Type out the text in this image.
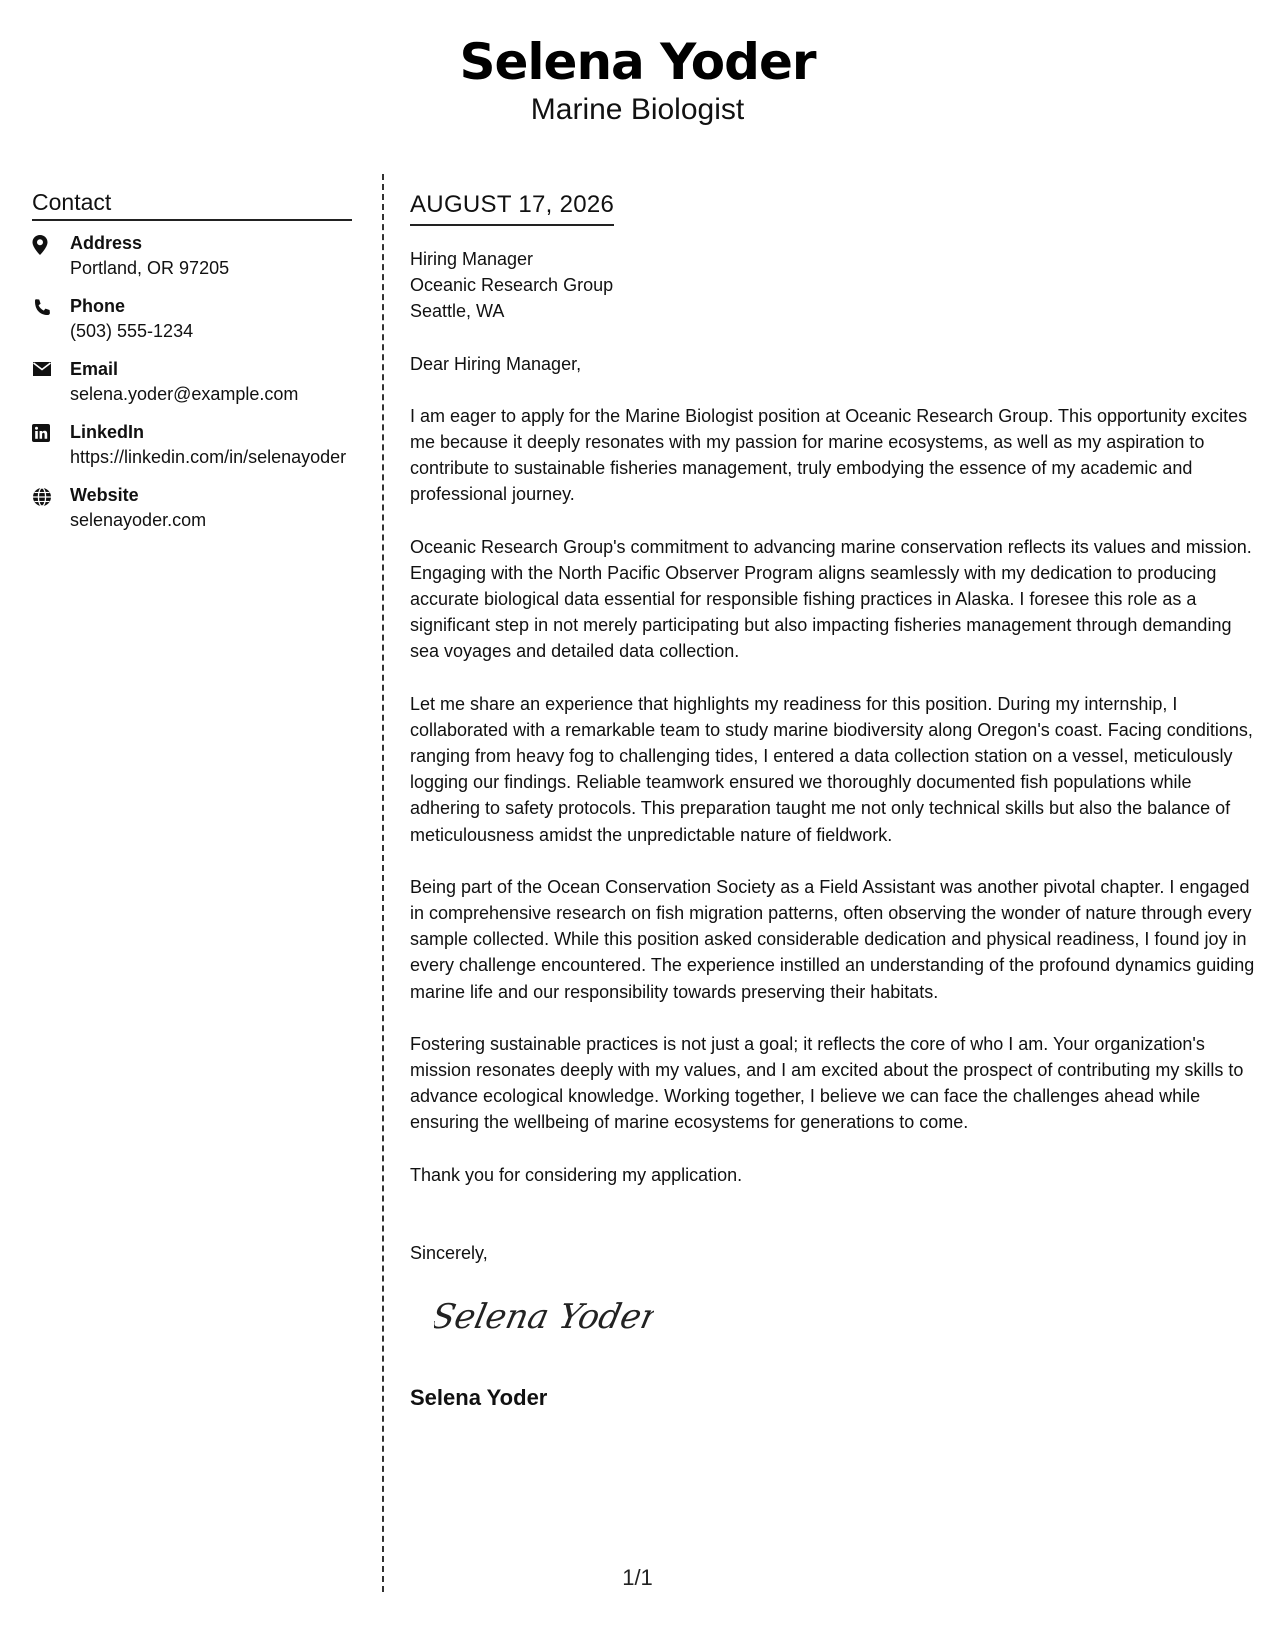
Selena Yoder
Marine Biologist
Contact
Address
Portland, OR 97205
Phone
(503) 555-1234
Email
selena.yoder@example.com
LinkedIn
https://linkedin.com/in/selenayoder
Website
selenayoder.com
AUGUST 17, 2026
Hiring Manager
Oceanic Research Group
Seattle, WA
Dear Hiring Manager,
I am eager to apply for the Marine Biologist position at Oceanic Research Group. This opportunity excites me because it deeply resonates with my passion for marine ecosystems, as well as my aspiration to contribute to sustainable fisheries management, truly embodying the essence of my academic and professional journey.
Oceanic Research Group's commitment to advancing marine conservation reflects its values and mission. Engaging with the North Pacific Observer Program aligns seamlessly with my dedication to producing accurate biological data essential for responsible fishing practices in Alaska. I foresee this role as a significant step in not merely participating but also impacting fisheries management through demanding sea voyages and detailed data collection.
Let me share an experience that highlights my readiness for this position. During my internship, I collaborated with a remarkable team to study marine biodiversity along Oregon's coast. Facing conditions, ranging from heavy fog to challenging tides, I entered a data collection station on a vessel, meticulously logging our findings. Reliable teamwork ensured we thoroughly documented fish populations while adhering to safety protocols. This preparation taught me not only technical skills but also the balance of meticulousness amidst the unpredictable nature of fieldwork.
Being part of the Ocean Conservation Society as a Field Assistant was another pivotal chapter. I engaged in comprehensive research on fish migration patterns, often observing the wonder of nature through every sample collected. While this position asked considerable dedication and physical readiness, I found joy in every challenge encountered. The experience instilled an understanding of the profound dynamics guiding marine life and our responsibility towards preserving their habitats.
Fostering sustainable practices is not just a goal; it reflects the core of who I am. Your organization's mission resonates deeply with my values, and I am excited about the prospect of contributing my skills to advance ecological knowledge. Working together, I believe we can face the challenges ahead while ensuring the wellbeing of marine ecosystems for generations to come.
Thank you for considering my application.
Sincerely,
Selena Yoder
Selena Yoder
1/1
